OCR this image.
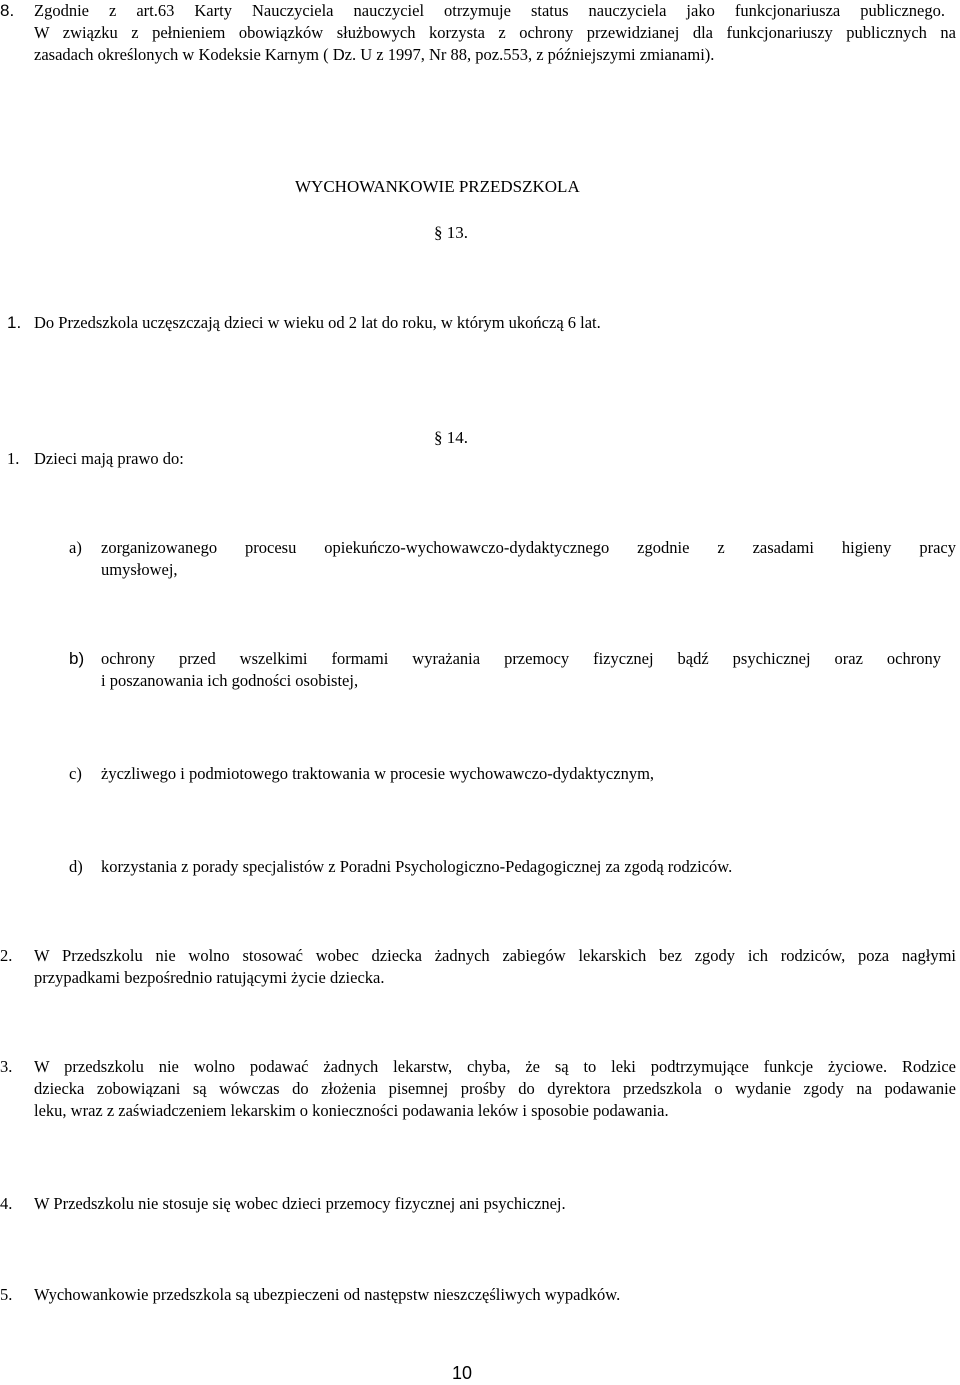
8. Zgodnie z art.63 Karty Nauczyciela nauczyciel otrzymuje status nauczyciela jako funkcjonariusza publicznego.
W związku z pełnieniem obowiązków służbowych korzysta z ochrony przewidzianej dla funkcjonariuszy publicznych na
zasadach określonych w Kodeksie Karnym ( Dz. U z 1997, Nr 88, poz.553, z późniejszymi zmianami).
WYCHOWANKOWIE PRZEDSZKOLA
§ 13.
1. Do Przedszkola uczęszczają dzieci w wieku od 2 lat do roku, w którym ukończą 6 lat.
§ 14.
1. Dzieci mają prawo do:
a) zorganizowanego procesu opiekuńczo-wychowawczo-dydaktycznego zgodnie z zasadami higieny pracy
umysłowej,
b) ochrony przed wszelkimi formami wyrażania przemocy fizycznej bądź psychicznej oraz ochrony
i poszanowania ich godności osobistej,
c) życzliwego i podmiotowego traktowania w procesie wychowawczo-dydaktycznym,
d) korzystania z porady specjalistów z Poradni Psychologiczno-Pedagogicznej za zgodą rodziców.
2. W Przedszkolu nie wolno stosować wobec dziecka żadnych zabiegów lekarskich bez zgody ich rodziców, poza nagłymi
przypadkami bezpośrednio ratującymi życie dziecka.
3. W przedszkolu nie wolno podawać żadnych lekarstw, chyba, że są to leki podtrzymujące funkcje życiowe. Rodzice
dziecka zobowiązani są wówczas do złożenia pisemnej prośby do dyrektora przedszkola o wydanie zgody na podawanie
leku, wraz z zaświadczeniem lekarskim o konieczności podawania leków i sposobie podawania.
4. W Przedszkolu nie stosuje się wobec dzieci przemocy fizycznej ani psychicznej.
5. Wychowankowie przedszkola są ubezpieczeni od następstw nieszczęśliwych wypadków.
10
